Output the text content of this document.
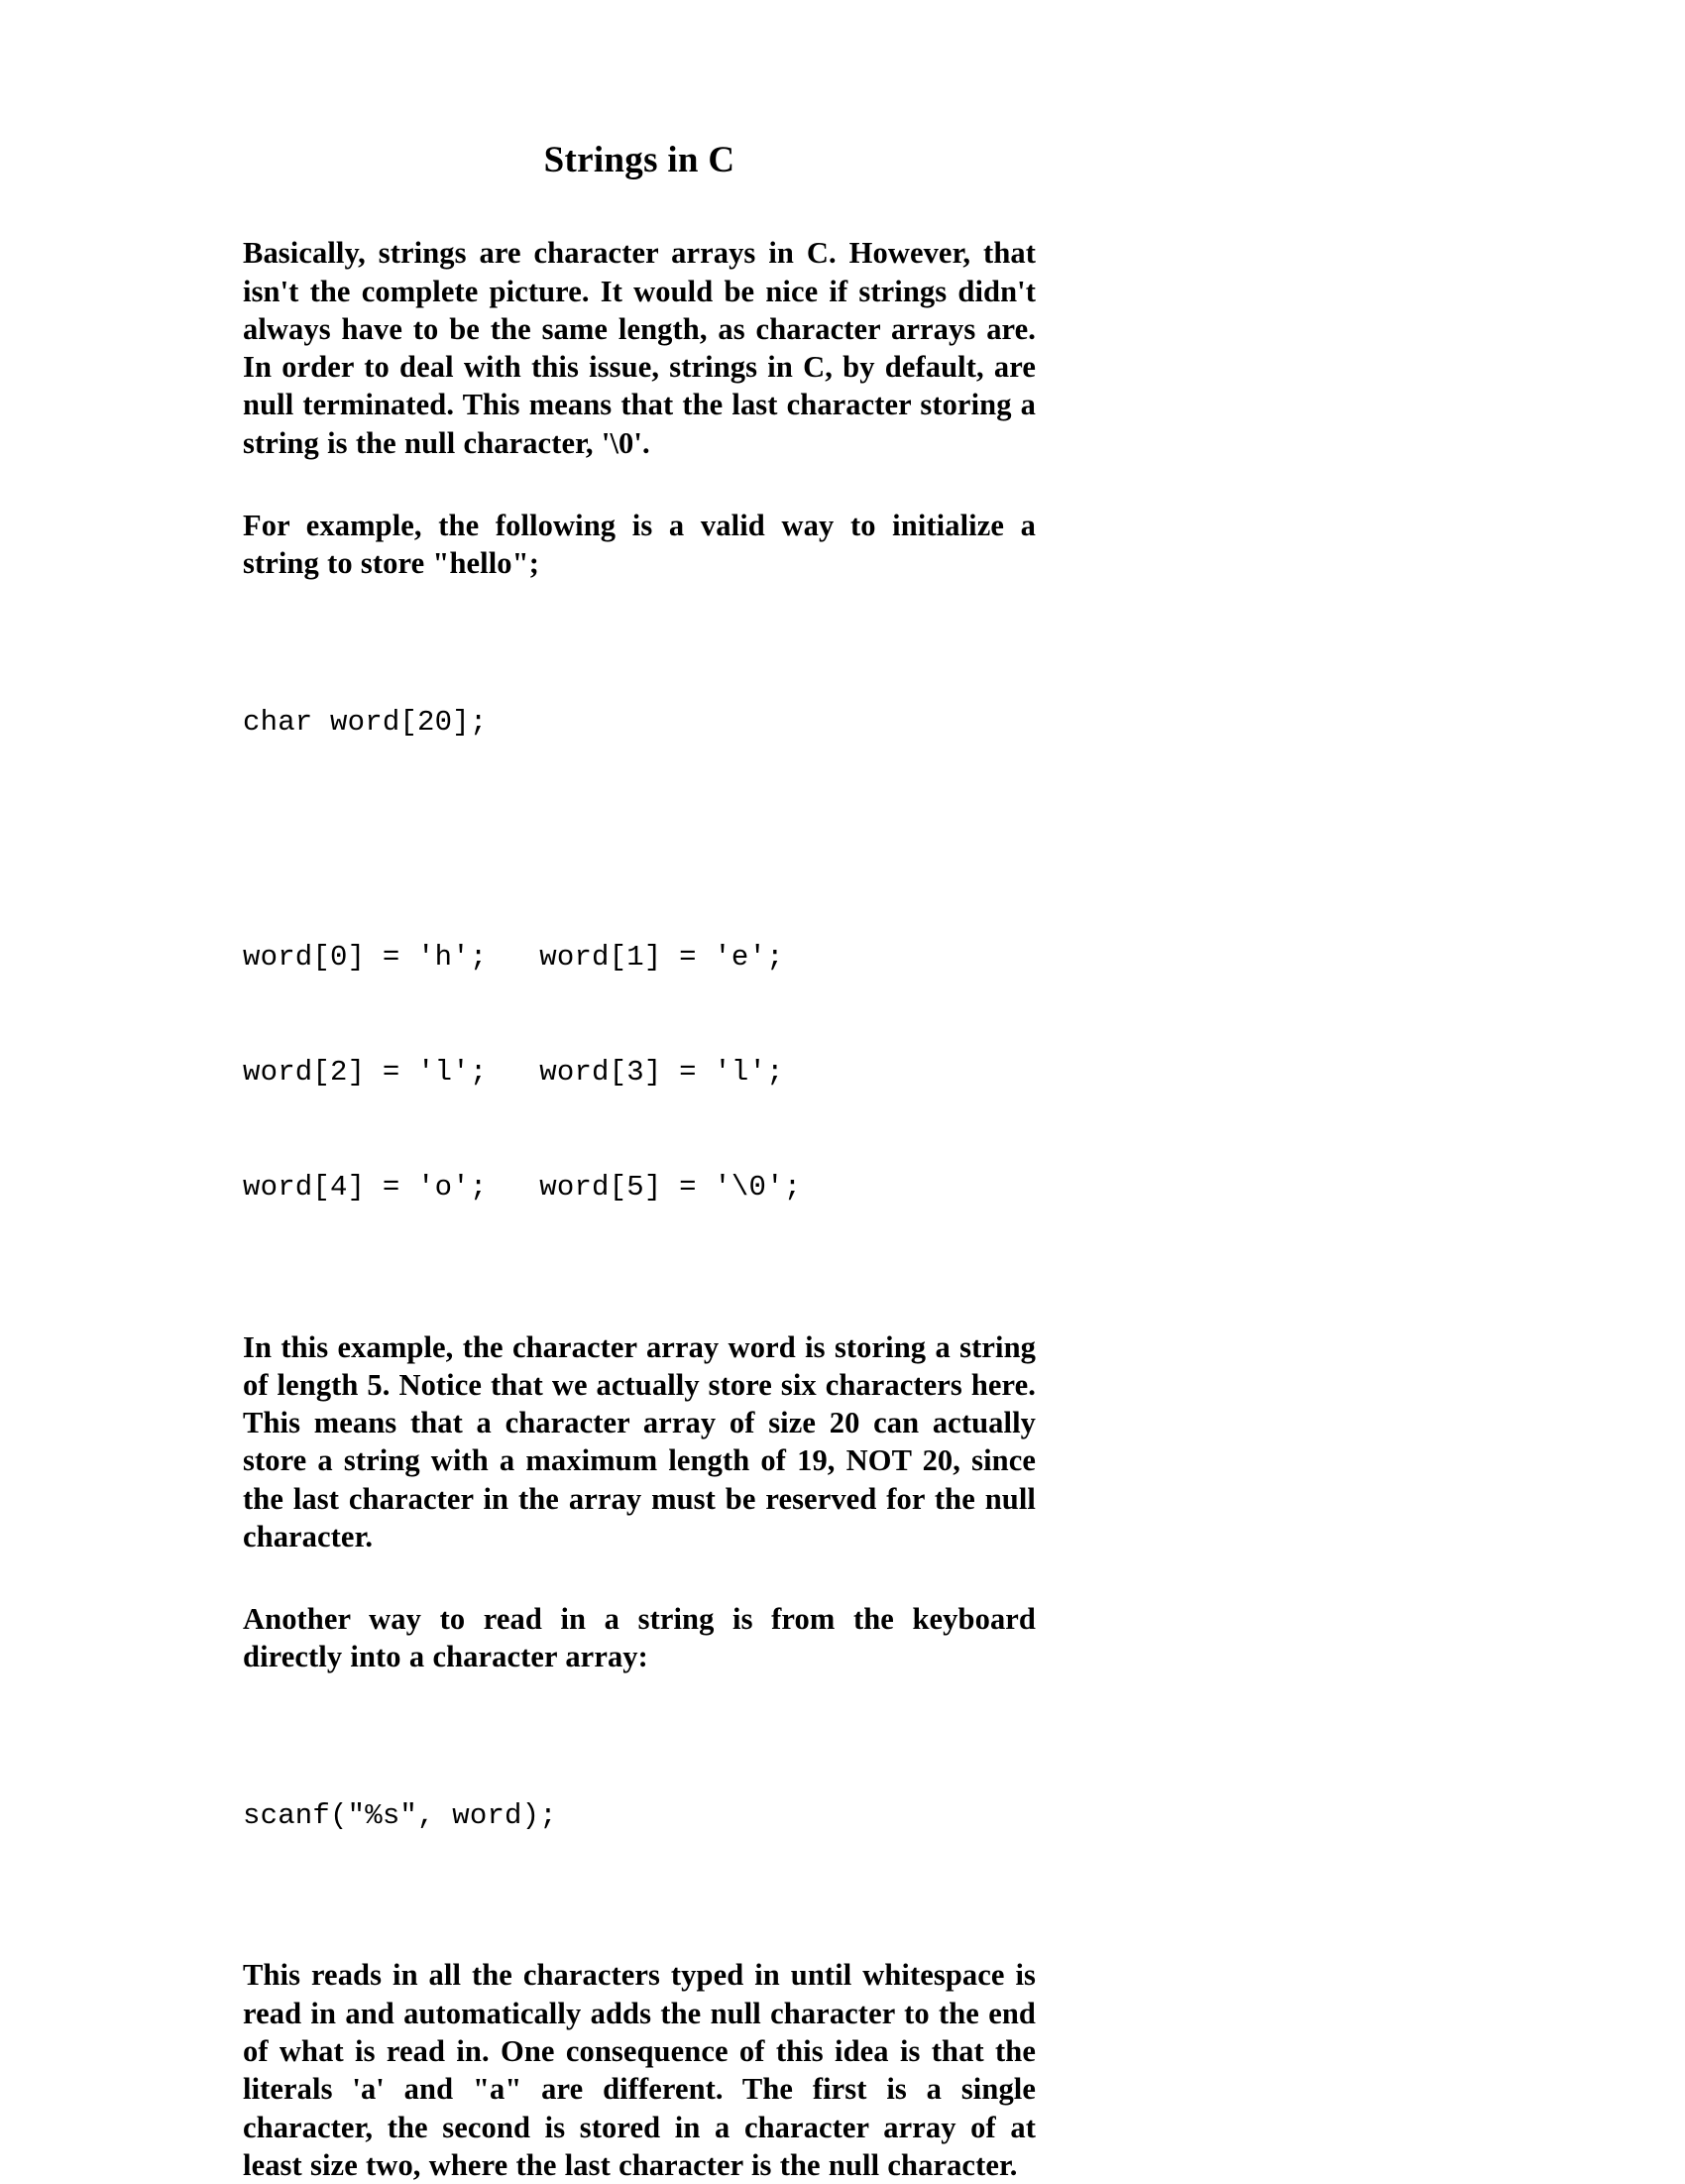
Strings in C

Basically, strings are character arrays in C. However, that isn't the complete picture. It would be nice if strings didn't always have to be the same length, as character arrays are. In order to deal with this issue, strings in C, by default, are null terminated. This means that the last character storing a string is the null character, '\0'.

For example, the following is a valid way to initialize a string to store "hello";

char word[20];

word[0] = 'h';   word[1] = 'e';

word[2] = 'l';   word[3] = 'l';

word[4] = 'o';   word[5] = '\0';

In this example, the character array word is storing a string of length 5. Notice that we actually store six characters here. This means that a character array of size 20 can actually store a string with a maximum length of 19, NOT 20, since the last character in the array must be reserved for the null character.

Another way to read in a string is from the keyboard directly into a character array:

scanf("%s", word);

This reads in all the characters typed in until whitespace is read in and automatically adds the null character to the end of what is read in. One consequence of this idea is that the literals 'a' and "a" are different. The first is a single character, the second is stored in a character array of at least size two, where the last character is the null character.
